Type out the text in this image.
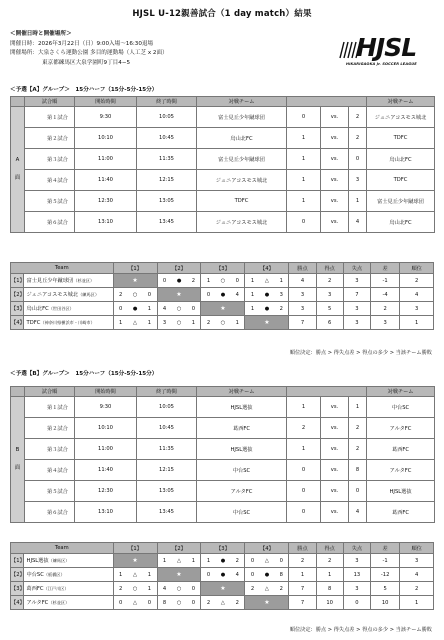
HJSL U-12親善試合（1 day match）結果
＜開催日時と開催場所＞
開催日時：2026年3月22日（日）9:00入場〜16:30退場
開催場所：大泉さくら運動公園 多目的運動場（人工芝 x 2面）
東京都練馬区大泉学園町9丁目4−5
HJSL
HIKARIGAOKA Jr. SOCCER LEAGUE
＜予選【A】グループ＞　15分ハーフ（15分-5分-15分）
	試合順	開始時間	終了時間	対戦チーム				対戦チーム
A

面	第１試合	9:30	10:05	富士見丘少年蹴球団	0	vs.	2	ジュニアコスモス城北
	第２試合	10:10	10:45	烏山北FC	1	vs.	2	TDFC
	第３試合	11:00	11:35	富士見丘少年蹴球団	1	vs.	0	烏山北FC
	第４試合	11:40	12:15	ジュニアコスモス城北	1	vs.	3	TDFC
	第５試合	12:30	13:05	TDFC	1	vs.	1	富士見丘少年蹴球団
	第６試合	13:10	13:45	ジュニアコスモス城北	0	vs.	4	烏山北FC
Team		【1】			【2】			【3】			【4】			勝点	得点	失点	差	順位
【1】	富士見丘少年蹴球団（杉並区）	★			0	●	2	1	○	0	1	△	1	4	2	3	-1	2
【2】	ジュニアコスモス城北（練馬区）	2	○	0	★			0	●	4	1	●	3	3	3	7	-4	4
【3】	烏山北FC（世田谷区）	0	●	1	4	○	0	★			1	●	2	3	5	3	2	3
【4】	TDFC（神奈川県横浜市・川崎市）	1	△	1	3	○	1	2	○	1	★			7	6	3	3	1
順位決定：勝点 > 得失点差 > 得点の多少 > 当該チーム勝敗
＜予選【B】グループ＞　15分ハーフ（15分-5分-15分）
	試合順	開始時間	終了時間	対戦チーム				対戦チーム
B

面	第１試合	9:30	10:05	HJSL選抜	1	vs.	1	中台SC
	第２試合	10:10	10:45	葛西FC	2	vs.	2	アルタFC
	第３試合	11:00	11:35	HJSL選抜	1	vs.	2	葛西FC
	第４試合	11:40	12:15	中台SC	0	vs.	8	アルタFC
	第５試合	12:30	13:05	アルタFC	0	vs.	0	HJSL選抜
	第６試合	13:10	13:45	中台SC	0	vs.	4	葛西FC
Team		【1】			【2】			【3】			【4】			勝点	得点	失点	差	順位
【1】	HJSL選抜（練馬区）	★			1	△	1	1	●	2	0	△	0	2	2	3	-1	3
【2】	中台SC（板橋区）	1	△	1	★			0	●	4	0	●	8	1	1	13	-12	4
【3】	葛西FC（江戸川区）	2	○	1	4	○	0	★			2	△	2	7	8	3	5	2
【4】	アルタFC（杉並区）	0	△	0	8	○	0	2	△	2	★			7	10	0	10	1
順位決定：勝点 > 得失点差 > 得点の多少 > 当該チーム勝敗
